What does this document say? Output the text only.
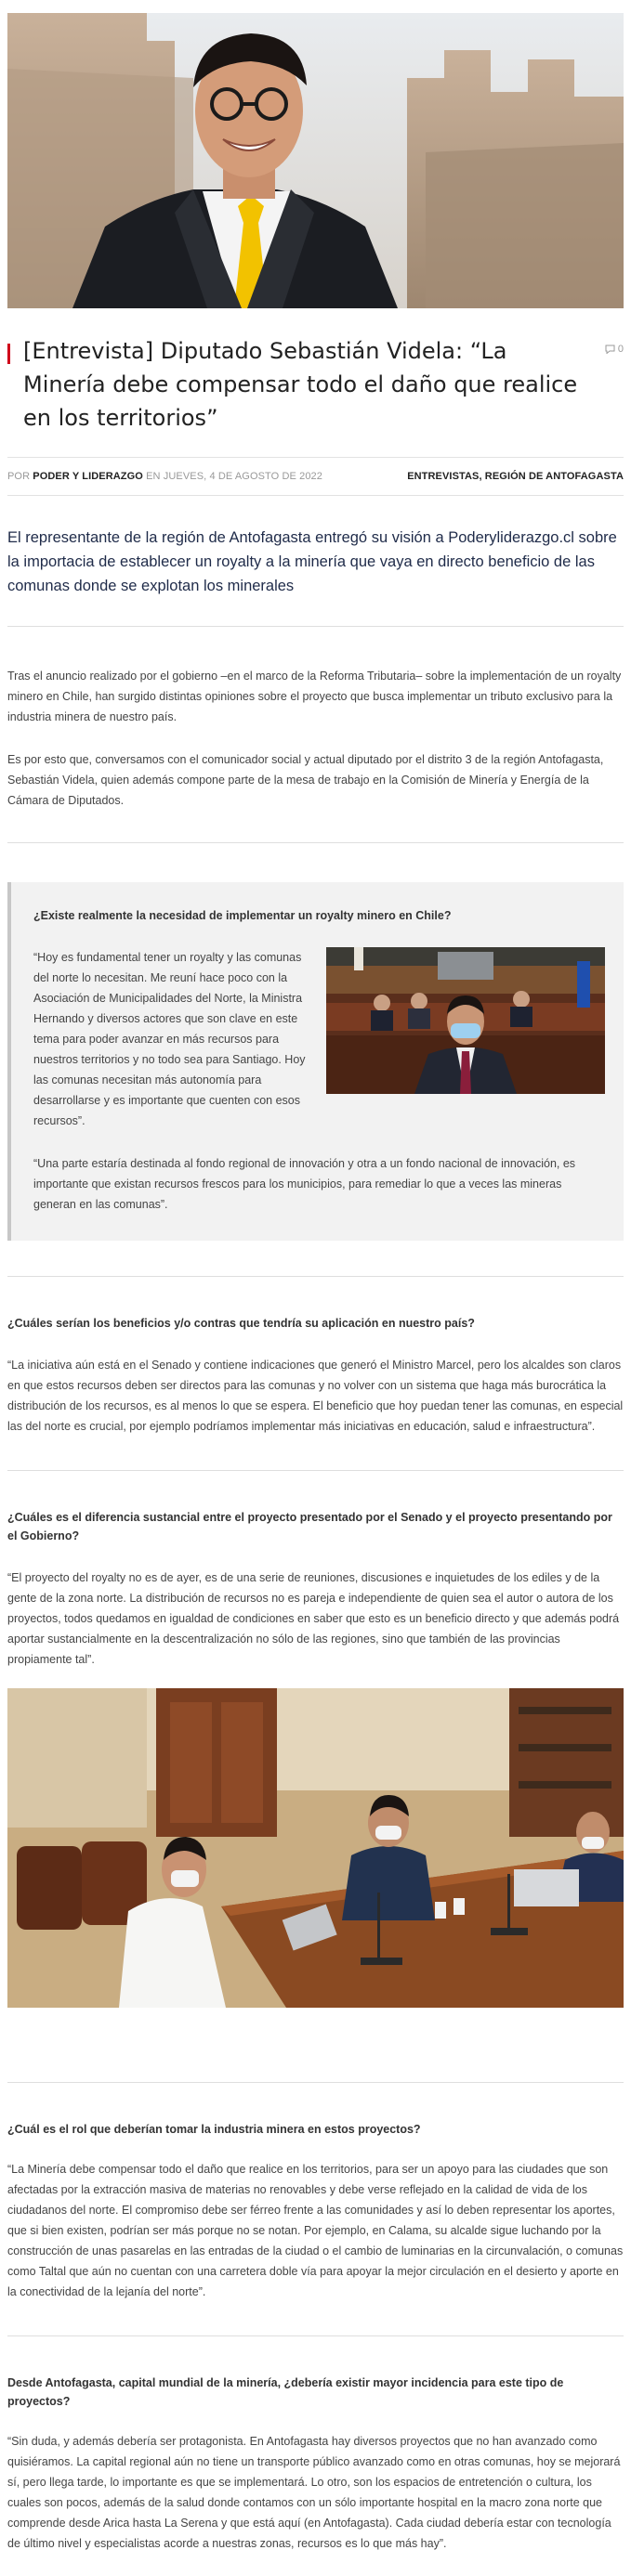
[Entrevista] Diputado Sebastián Videla: “La Minería debe compensar todo el daño que realice en los territorios”
0
POR PODER Y LIDERAZGO EN JUEVES, 4 DE AGOSTO DE 2022	ENTREVISTAS, REGIÓN DE ANTOFAGASTA

El representante de la región de Antofagasta entregó su visión a Poderyliderazgo.cl sobre la importacia de establecer un royalty a la minería que vaya en directo beneficio de las comunas donde se explotan los minerales

Tras el anuncio realizado por el gobierno –en el marco de la Reforma Tributaria– sobre la implementación de un royalty minero en Chile, han surgido distintas opiniones sobre el proyecto que busca implementar un tributo exclusivo para la industria minera de nuestro país.

Es por esto que, conversamos con el comunicador social y actual diputado por el distrito 3 de la región Antofagasta, Sebastián Videla, quien además compone parte de la mesa de trabajo en la Comisión de Minería y Energía de la Cámara de Diputados.

¿Existe realmente la necesidad de implementar un royalty minero en Chile?

“Hoy es fundamental tener un royalty y las comunas del norte lo necesitan. Me reuní hace poco con la Asociación de Municipalidades del Norte, la Ministra Hernando y diversos actores que son clave en este tema para poder avanzar en más recursos para nuestros territorios y no todo sea para Santiago. Hoy las comunas necesitan más autonomía para desarrollarse y es importante que cuenten con esos recursos”.

“Una parte estaría destinada al fondo regional de innovación y otra a un fondo nacional de innovación, es importante que existan recursos frescos para los municipios, para remediar lo que a veces las mineras generan en las comunas”.

¿Cuáles serían los beneficios y/o contras que tendría su aplicación en nuestro país?

“La iniciativa aún está en el Senado y contiene indicaciones que generó el Ministro Marcel, pero los alcaldes son claros en que estos recursos deben ser directos para las comunas y no volver con un sistema que haga más burocrática la distribución de los recursos, es al menos lo que se espera. El beneficio que hoy puedan tener las comunas, en especial las del norte es crucial, por ejemplo podríamos implementar más iniciativas en educación, salud e infraestructura”.

¿Cuáles es el diferencia sustancial entre el proyecto presentado por el Senado y el proyecto presentando por el Gobierno?

“El proyecto del royalty no es de ayer, es de una serie de reuniones, discusiones e inquietudes de los ediles y de la gente de la zona norte. La distribución de recursos no es pareja e independiente de quien sea el autor o autora de los proyectos, todos quedamos en igualdad de condiciones en saber que esto es un beneficio directo y que además podrá aportar sustancialmente en la descentralización no sólo de las regiones, sino que también de las provincias propiamente tal”.

¿Cuál es el rol que deberían tomar la industria minera en estos proyectos?

“La Minería debe compensar todo el daño que realice en los territorios, para ser un apoyo para las ciudades que son afectadas por la extracción masiva de materias no renovables y debe verse reflejado en la calidad de vida de los ciudadanos del norte. El compromiso debe ser férreo frente a las comunidades y así lo deben representar los aportes, que si bien existen, podrían ser más porque no se notan. Por ejemplo, en Calama, su alcalde sigue luchando por la construcción de unas pasarelas en las entradas de la ciudad o el cambio de luminarias en la circunvalación, o comunas como Taltal que aún no cuentan con una carretera doble vía para apoyar la mejor circulación en el desierto y aporte en la conectividad de la lejanía del norte”.

Desde Antofagasta, capital mundial de la minería, ¿debería existir mayor incidencia para este tipo de proyectos?

“Sin duda, y además debería ser protagonista. En Antofagasta hay diversos proyectos que no han avanzado como quisiéramos. La capital regional aún no tiene un transporte público avanzado como en otras comunas, hoy se mejorará sí, pero llega tarde, lo importante es que se implementará. Lo otro, son los espacios de entretención o cultura, los cuales son pocos, además de la salud donde contamos con un sólo importante hospital en la macro zona norte que comprende desde Arica hasta La Serena y que está aquí (en Antofagasta). Cada ciudad debería estar con tecnología de último nivel y especialistas acorde a nuestras zonas, recursos es lo que más hay”.
